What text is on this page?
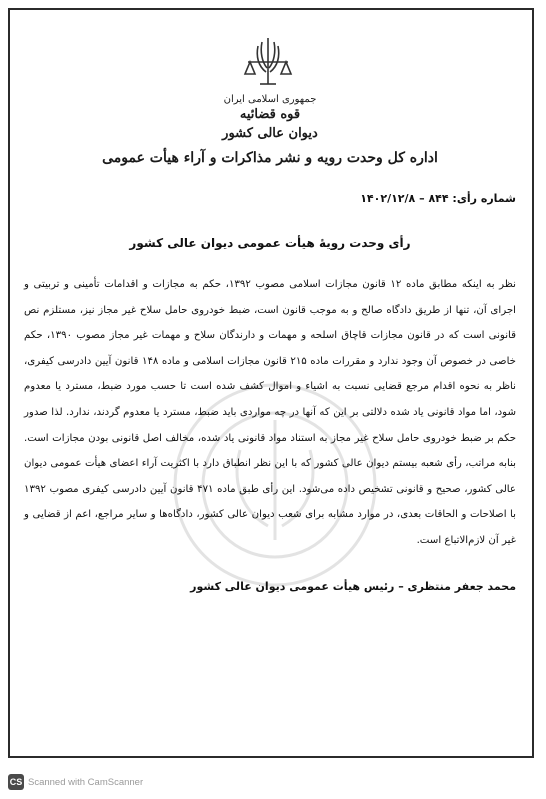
جمهوری اسلامی ایران
قوه قضائیه
دیوان عالی کشور
اداره کل وحدت رویه و نشر مذاکرات و آراء هیأت عمومی
شماره رأی: ۸۴۴ – ۱۴۰۲/۱۲/۸
رأی وحدت رویهٔ هیأت عمومی دیوان عالی کشور
نظر به اینکه مطابق ماده ۱۲ قانون مجازات اسلامی مصوب ۱۳۹۲، حکم به مجازات و اقدامات تأمینی و تربیتی و اجرای آن، تنها از طریق دادگاه صالح و به موجب قانون است، ضبط خودروی حامل سلاح غیر مجاز نیز، مستلزم نص قانونی است که در قانون مجازات قاچاق اسلحه و مهمات و دارندگان سلاح و مهمات غیر مجاز مصوب ۱۳۹۰، حکم خاصی در خصوص آن وجود ندارد و مقررات ماده ۲۱۵ قانون مجازات اسلامی و ماده ۱۴۸ قانون آیین دادرسی کیفری، ناظر به نحوه اقدام مرجع قضایی نسبت به اشیاء و اموال کشف شده است تا حسب مورد ضبط، مسترد یا معدوم شود، اما مواد قانونی یاد شده دلالتی بر این که آنها در چه مواردی باید ضبط، مسترد یا معدوم گردند، ندارد. لذا صدور حکم بر ضبط خودروی حامل سلاح غیر مجاز به استناد مواد قانونی یاد شده، مخالف اصل قانونی بودن مجازات است. بنابه مراتب، رأی شعبه بیستم دیوان عالی کشور که با این نظر انطباق دارد با اکثریت آراء اعضای هیأت عمومی دیوان عالی کشور، صحیح و قانونی تشخیص داده می‌شود. این رأی طبق ماده ۴۷۱ قانون آیین دادرسی کیفری مصوب ۱۳۹۲ با اصلاحات و الحاقات بعدی، در موارد مشابه برای شعب دیوان عالی کشور، دادگاه‌ها و سایر مراجع، اعم از قضایی و غیر آن لازم‌الاتباع است.
محمد جعفر منتظری – رئیس هیأت عمومی دیوان عالی کشور
CS Scanned with CamScanner
